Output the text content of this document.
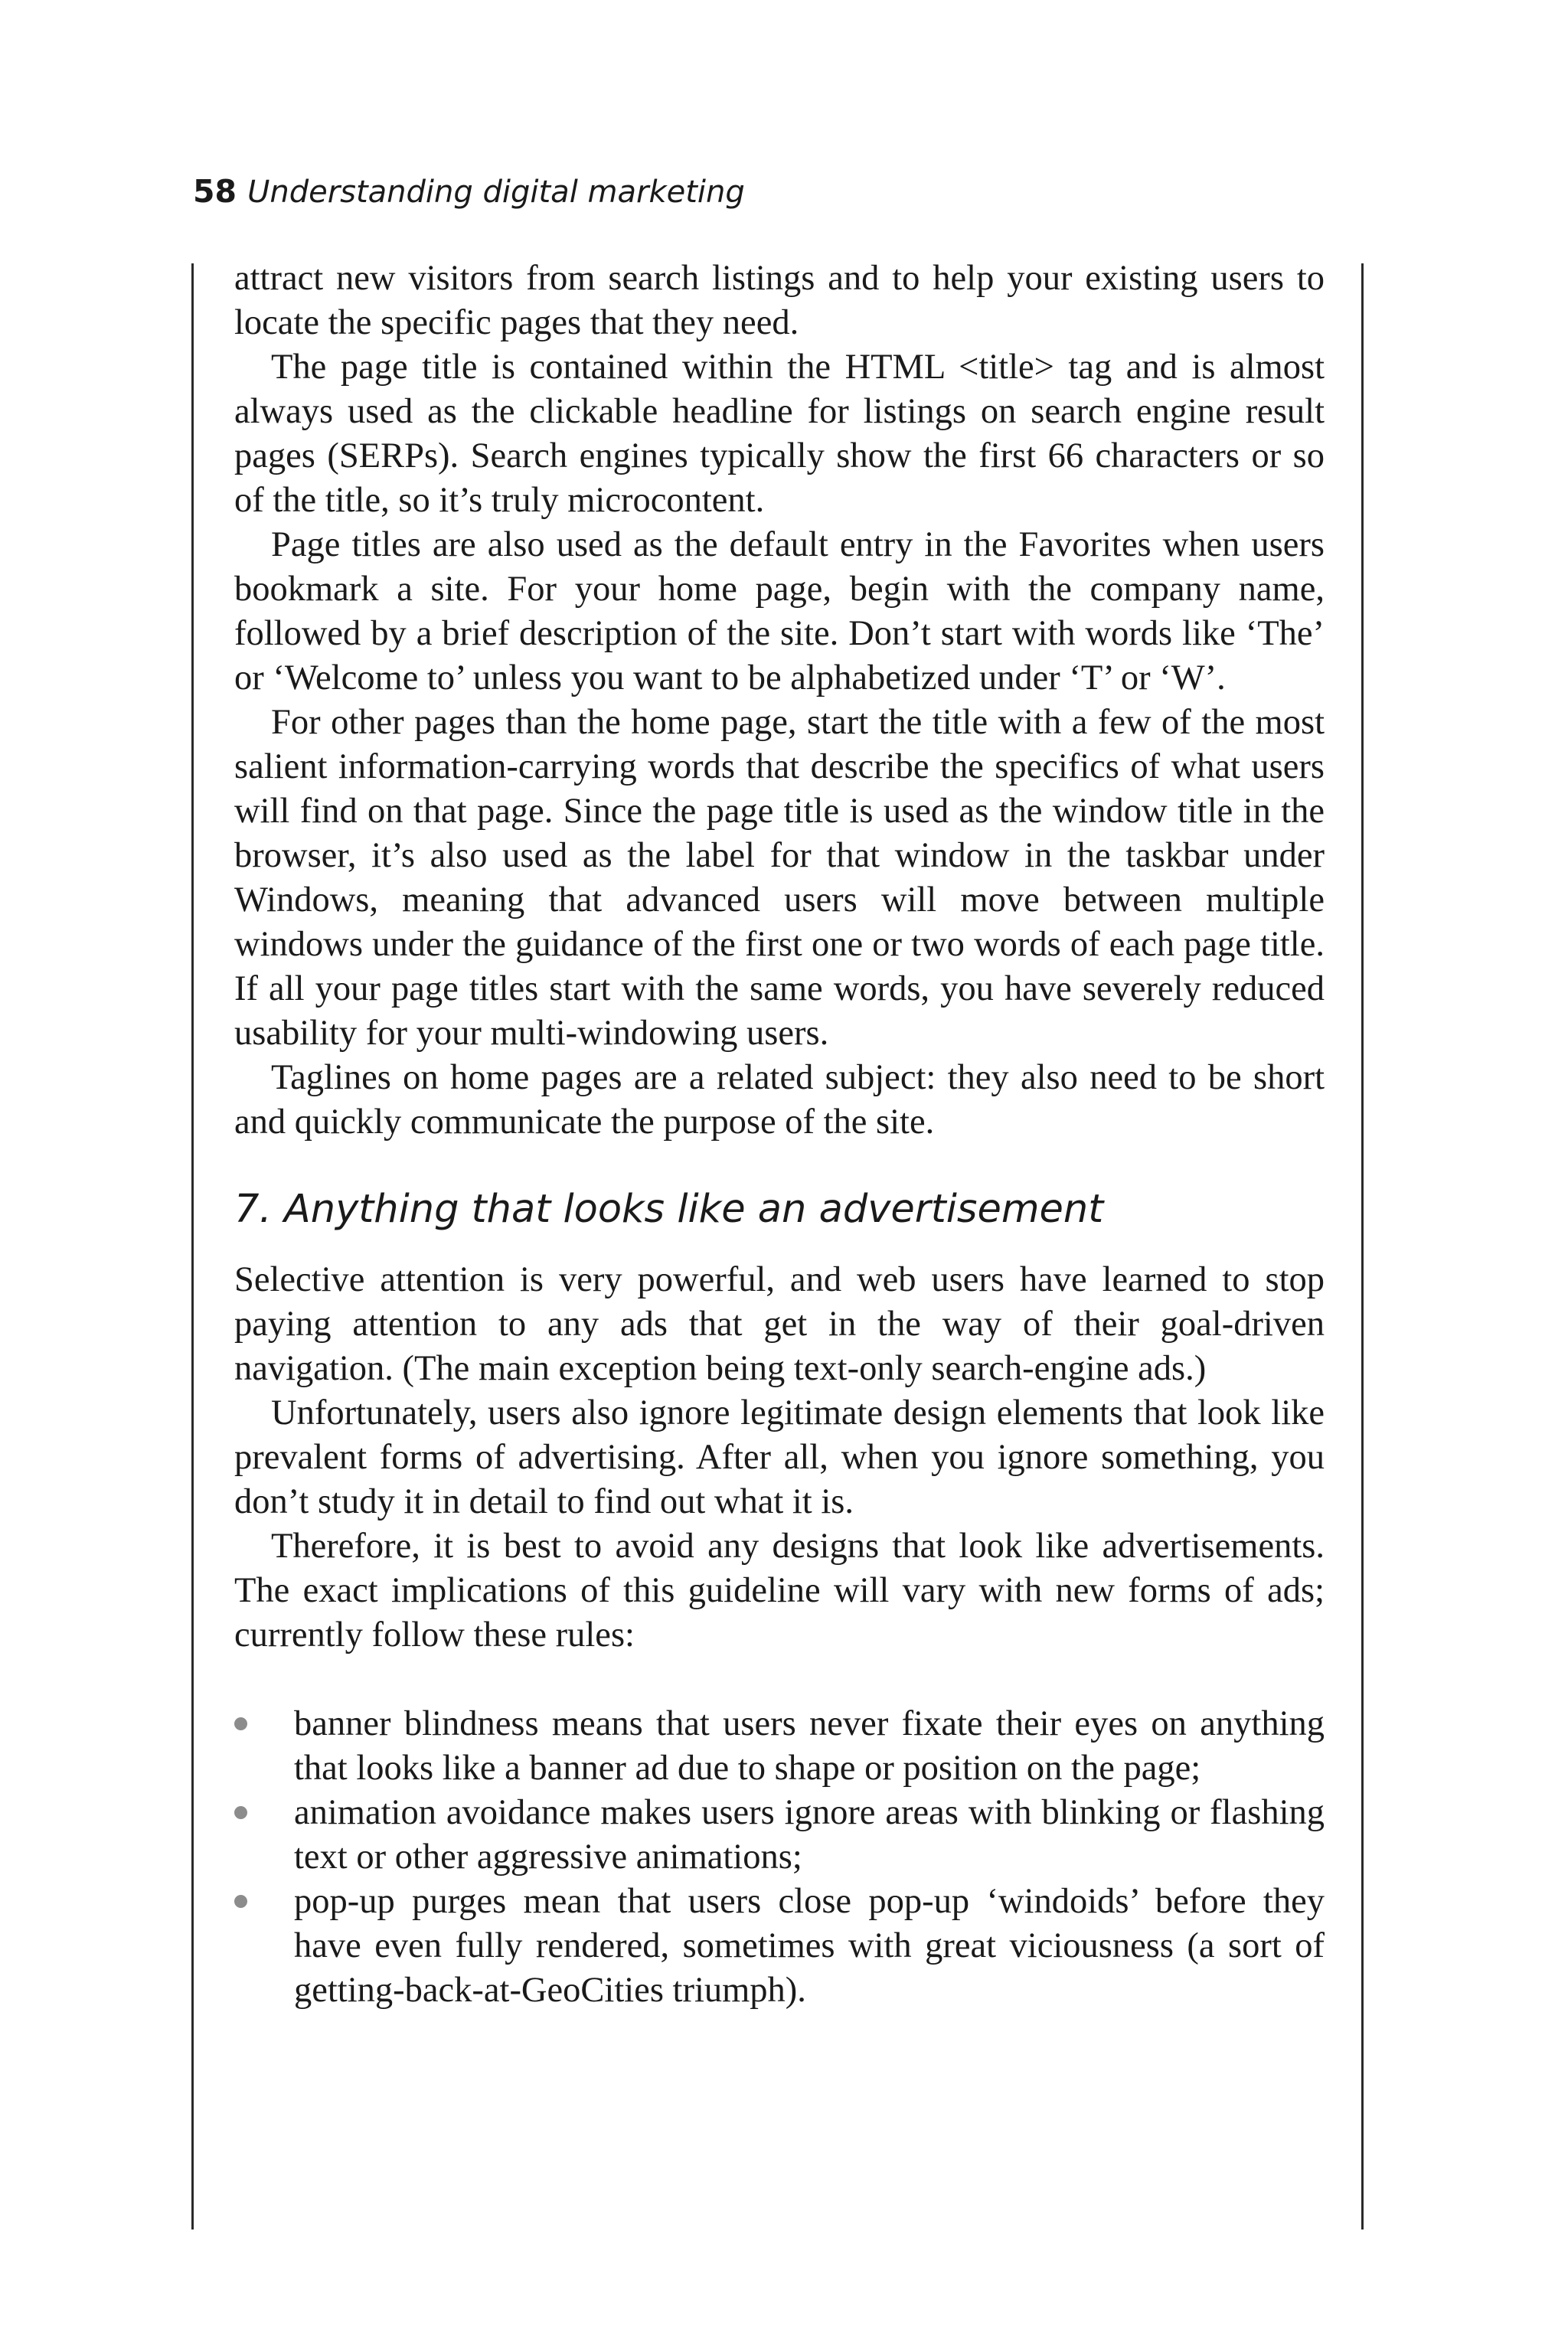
58 Understanding digital marketing

attract new visitors from search listings and to help your existing users to locate the specific pages that they need.

The page title is contained within the HTML <title> tag and is almost always used as the clickable headline for listings on search engine result pages (SERPs). Search engines typically show the first 66 characters or so of the title, so it’s truly microcontent.

Page titles are also used as the default entry in the Favorites when users bookmark a site. For your home page, begin with the company name, followed by a brief description of the site. Don’t start with words like ‘The’ or ‘Welcome to’ unless you want to be alphabetized under ‘T’ or ‘W’.

For other pages than the home page, start the title with a few of the most salient information-carrying words that describe the specifics of what users will find on that page. Since the page title is used as the window title in the browser, it’s also used as the label for that window in the taskbar under Windows, meaning that advanced users will move between multiple windows under the guidance of the first one or two words of each page title. If all your page titles start with the same words, you have severely reduced usability for your multi-windowing users.

Taglines on home pages are a related subject: they also need to be short and quickly communicate the purpose of the site.

7. Anything that looks like an advertisement

Selective attention is very powerful, and web users have learned to stop paying attention to any ads that get in the way of their goal-driven navigation. (The main exception being text-only search-engine ads.)

Unfortunately, users also ignore legitimate design elements that look like prevalent forms of advertising. After all, when you ignore something, you don’t study it in detail to find out what it is.

Therefore, it is best to avoid any designs that look like advertisements. The exact implications of this guideline will vary with new forms of ads; currently follow these rules:

banner blindness means that users never fixate their eyes on anything that looks like a banner ad due to shape or position on the page;
animation avoidance makes users ignore areas with blinking or flashing text or other aggressive animations;
pop-up purges mean that users close pop-up ‘windoids’ before they have even fully rendered, sometimes with great viciousness (a sort of getting-back-at-GeoCities triumph).
